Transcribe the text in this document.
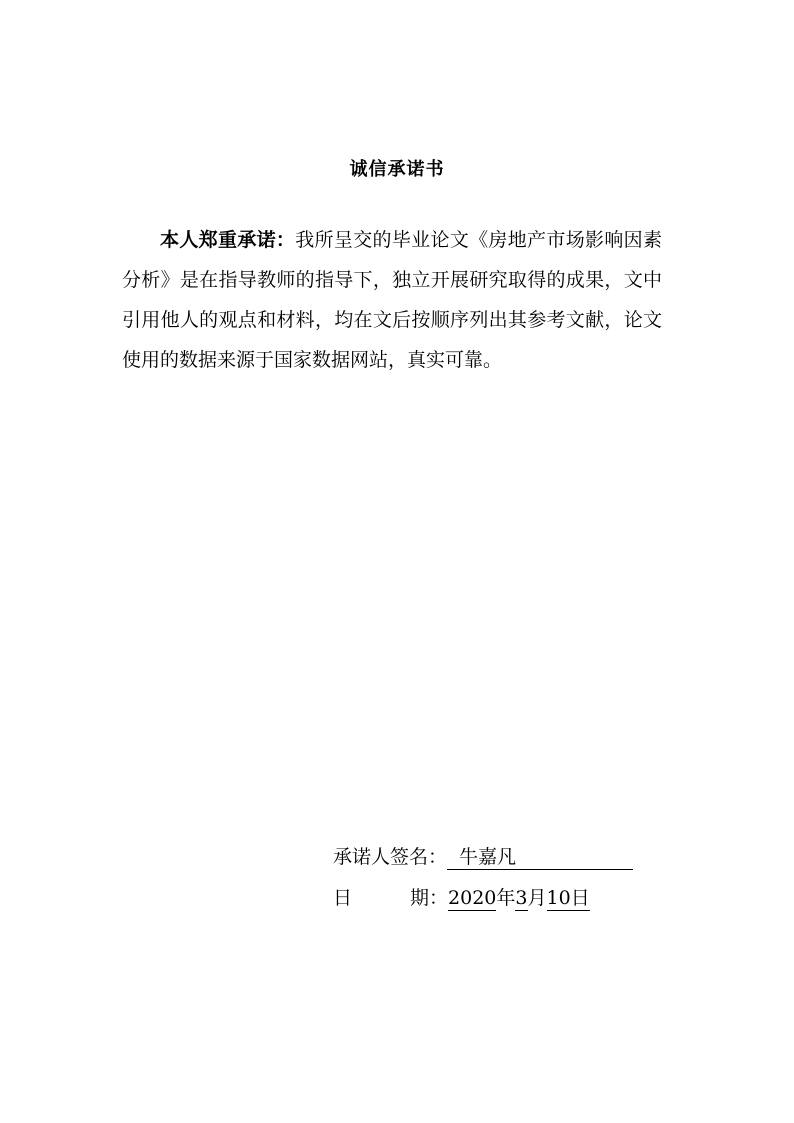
诚信承诺书

本人郑重承诺：我所呈交的毕业论文《房地产市场影响因素分析》是在指导教师的指导下，独立开展研究取得的成果，文中引用他人的观点和材料，均在文后按顺序列出其参考文献，论文使用的数据来源于国家数据网站，真实可靠。

承诺人签名： 牛嘉凡
日	期：2020年3月10日
